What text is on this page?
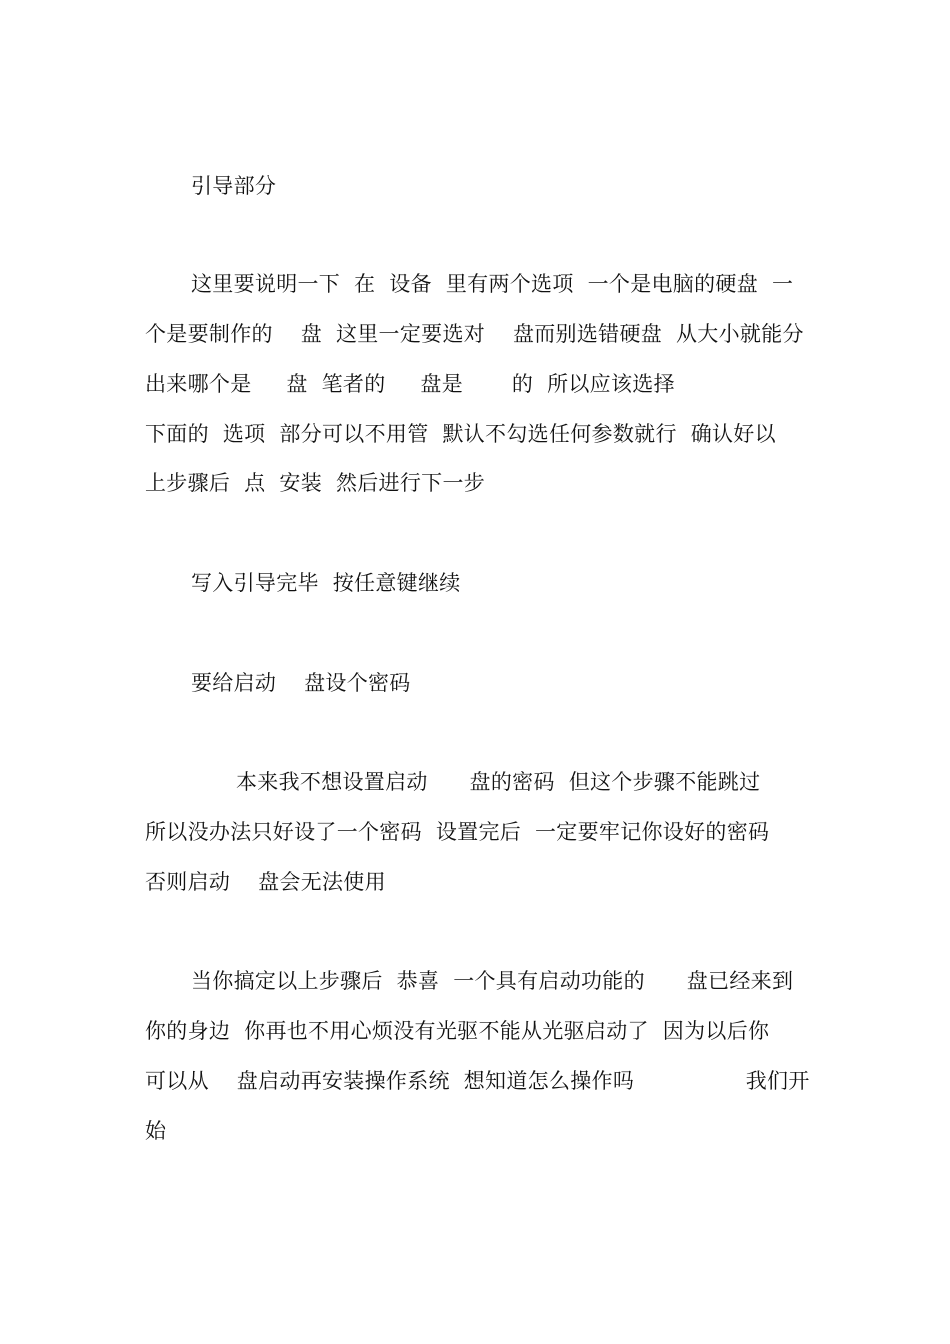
引导部分
这里要说明一下  在  设备  里有两个选项  一个是电脑的硬盘  一
个是要制作的    盘  这里一定要选对    盘而别选错硬盘  从大小就能分
出来哪个是     盘  笔者的     盘是       的  所以应该选择
下面的  选项  部分可以不用管  默认不勾选任何参数就行  确认好以
上步骤后  点  安装  然后进行下一步
写入引导完毕  按任意键继续
要给启动    盘设个密码
本来我不想设置启动      盘的密码  但这个步骤不能跳过
所以没办法只好设了一个密码  设置完后  一定要牢记你设好的密码
否则启动    盘会无法使用
当你搞定以上步骤后  恭喜  一个具有启动功能的      盘已经来到
你的身边  你再也不用心烦没有光驱不能从光驱启动了  因为以后你
可以从    盘启动再安装操作系统  想知道怎么操作吗                我们开
始
